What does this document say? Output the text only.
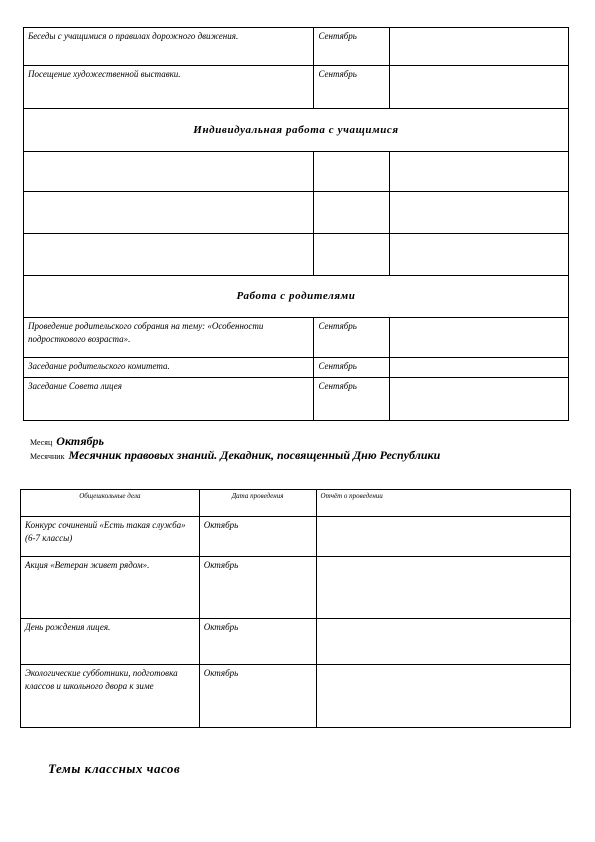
Беседы с учащимися о правилах дорожного движения.	Сентябрь	
Посещение художественной выставки.	Сентябрь	
Индивидуальная работа с учащимися		

Работа с родителями		
Проведение родительского собрания на тему: «Особенности подросткового возраста».	Сентябрь	
Заседание родительского комитета.	Сентябрь	
Заседание Совета лицея	Сентябрь	
Месяц Октябрь
Месячник Месячник правовых знаний. Декадник, посвященный Дню Республики
Общешкольные дела	Дата проведения	Отчёт о проведении
Конкурс сочинений «Есть такая служба» (6-7 классы)	Октябрь	
Акция «Ветеран живет рядом».	Октябрь	
День рождения лицея.	Октябрь	
Экологические субботники, подготовка классов и школьного двора к зиме	Октябрь	
Темы классных часов
